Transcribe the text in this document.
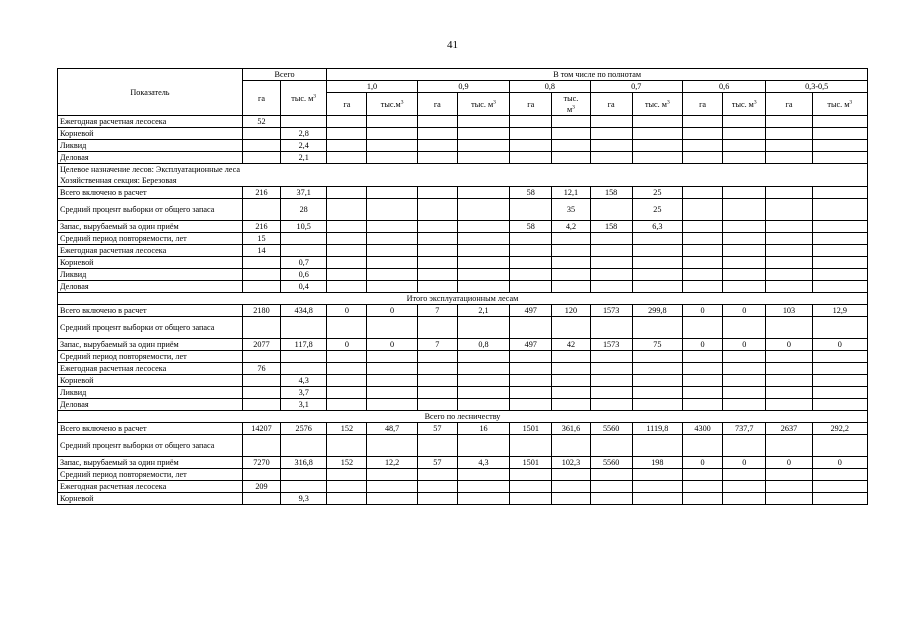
41
Показатель	Всего		В том числе по полнотам											
	га	тыс. $м^3$	1,0		0,9		0,8		0,7		0,6		0,3-0,5	
			га	$тыс.м^3$	га	тыс. $м^3$	га	тыс.
$м^3$	га	тыс. $м^3$	га	тыс. $м^3$	га	тыс. $м^3$
Ежегодная расчетная лесосека	52													
Корневой		2,8												
Ликвид		2,4												
Деловая		2,1												

Целевое назначение лесов: Эксплуатационные леса
Хозяйственная секция: Березовая														

Всего включено в расчет	216	37,1					58	12,1	158	25				
Средний процент выборки от общего запаса		28						35		25				
Запас, вырубаемый за один приём	216	10,5					58	4,2	158	6,3				
Средний период повторяемости, лет	15													
Ежегодная расчетная лесосека	14													
Корневой		0,7												
Ликвид		0,6												
Деловая		0,4												
Итого эксплуатационным лесам														
Всего включено в расчет	2180	434,8	0	0	7	2,1	497	120	1573	299,8	0	0	103	12,9
Средний процент выборки от общего запаса														
Запас, вырубаемый за один приём	2077	117,8	0	0	7	0,8	497	42	1573	75	0	0	0	0
Средний период повторяемости, лет														
Ежегодная расчетная лесосека	76													
Корневой		4,3												
Ликвид		3,7												
Деловая		3,1												
Всего по лесничеству														
Всего включено в расчет	14207	2576	152	48,7	57	16	1501	361,6	5560	1119,8	4300	737,7	2637	292,2
Средний процент выборки от общего запаса														
Запас, вырубаемый за один приём	7270	316,8	152	12,2	57	4,3	1501	102,3	5560	198	0	0	0	0
Средний период повторяемости, лет														
Ежегодная расчетная лесосека	209													
Корневой		9,3												
